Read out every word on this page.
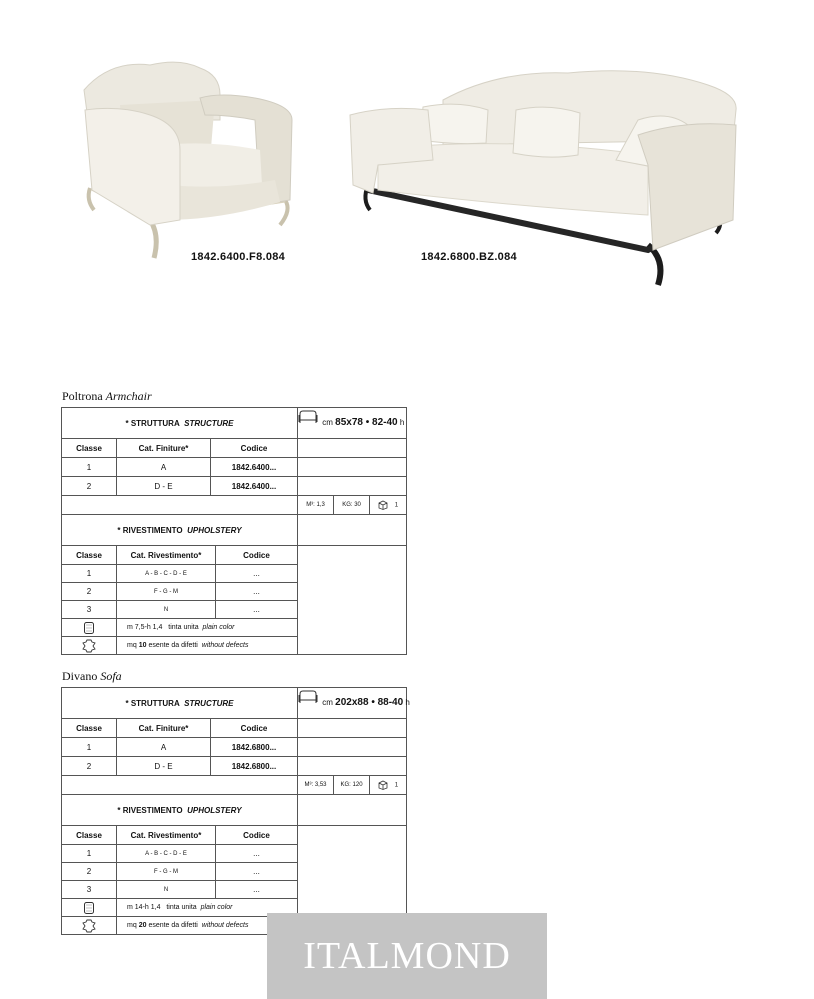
1842.6400.F8.084	1842.6800.BZ.084
Poltrona Armchair
* STRUTTURA STRUCTURE			cm 85x78 • 82-40 h		
Classe	Cat. Finiture*	Codice			
1	A	1842.6400...			
2	D - E	1842.6400...			
			M³: 1,3	KG: 30	1
* RIVESTIMENTO UPHOLSTERY					
Classe	Cat. Rivestimento*	Codice	
1	A - B - C - D - E	...	
2	F - G - M	...	
3	N	...	
	m 7,5-h 1,4 tinta unita plain color		
	mq 10 esente da difetti without defects		
Divano Sofa
* STRUTTURA STRUCTURE			cm 202x88 • 88-40 h		
Classe	Cat. Finiture*	Codice			
1	A	1842.6800...			
2	D - E	1842.6800...			
			M³: 3,53	KG: 120	1
* RIVESTIMENTO UPHOLSTERY					
Classe	Cat. Rivestimento*	Codice	
1	A - B - C - D - E	...	
2	F - G - M	...	
3	N	...	
	m 14-h 1,4 tinta unita plain color		
	mq 20 esente da difetti without defects		
ITALMOND
